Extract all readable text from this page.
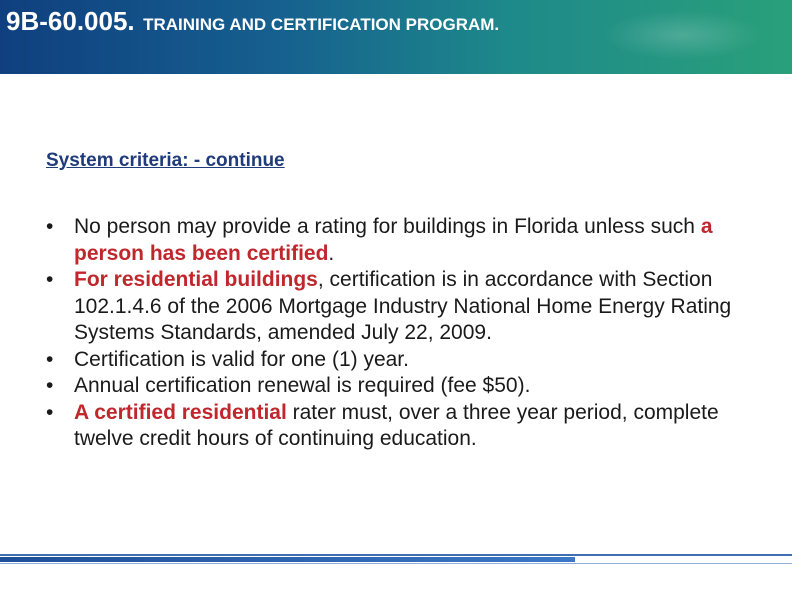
9B-60.005. TRAINING AND CERTIFICATION PROGRAM.
System criteria: - continue
• No person may provide a rating for buildings in Florida unless such a person has been certified.
• For residential buildings, certification is in accordance with Section 102.1.4.6 of the 2006 Mortgage Industry National Home Energy Rating Systems Standards, amended July 22, 2009.
• Certification is valid for one (1) year.
• Annual certification renewal is required (fee $50).
• A certified residential rater must, over a three year period, complete twelve credit hours of continuing education.
